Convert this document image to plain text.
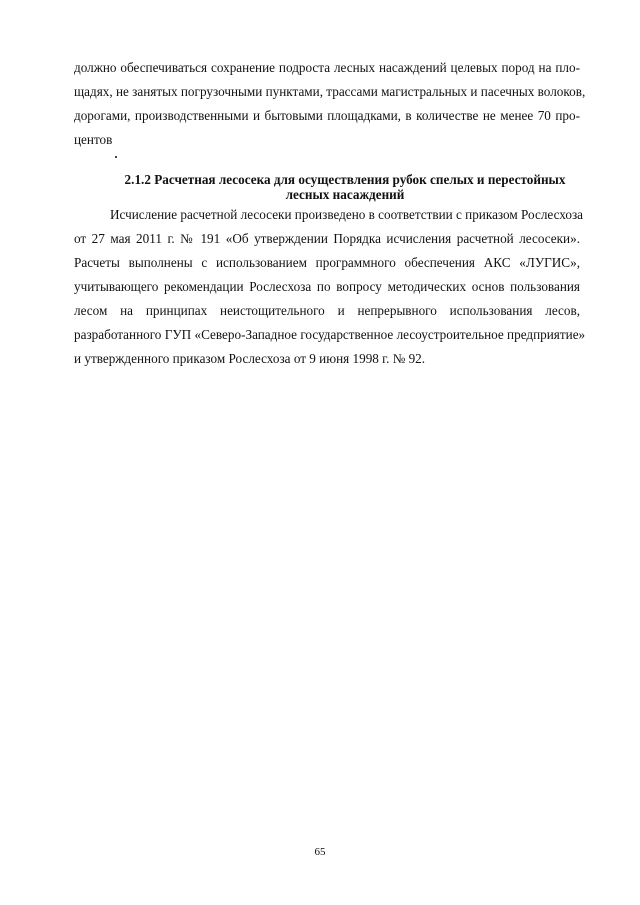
должно обеспечиваться сохранение подроста лесных насаждений целевых пород на пло-
щадях, не занятых погрузочными пунктами, трассами магистральных и пасечных волоков,
дорогами, производственными и бытовыми площадками, в количестве не менее 70 про-
центов
2.1.2 Расчетная лесосека для осуществления рубок спелых и перестойных
лесных насаждений
Исчисление расчетной лесосеки произведено в соответствии с приказом Рослесхоза
от 27 мая 2011 г. № 191 «Об утверждении Порядка исчисления расчетной лесосеки».
Расчеты выполнены с использованием программного обеспечения АКС «ЛУГИС»,
учитывающего рекомендации Рослесхоза по вопросу методических основ пользования
лесом на принципах неистощительного и непрерывного использования лесов,
разработанного ГУП «Северо-Западное государственное лесоустроительное предприятие»
и утвержденного приказом Рослесхоза от 9 июня 1998 г. № 92.
65
